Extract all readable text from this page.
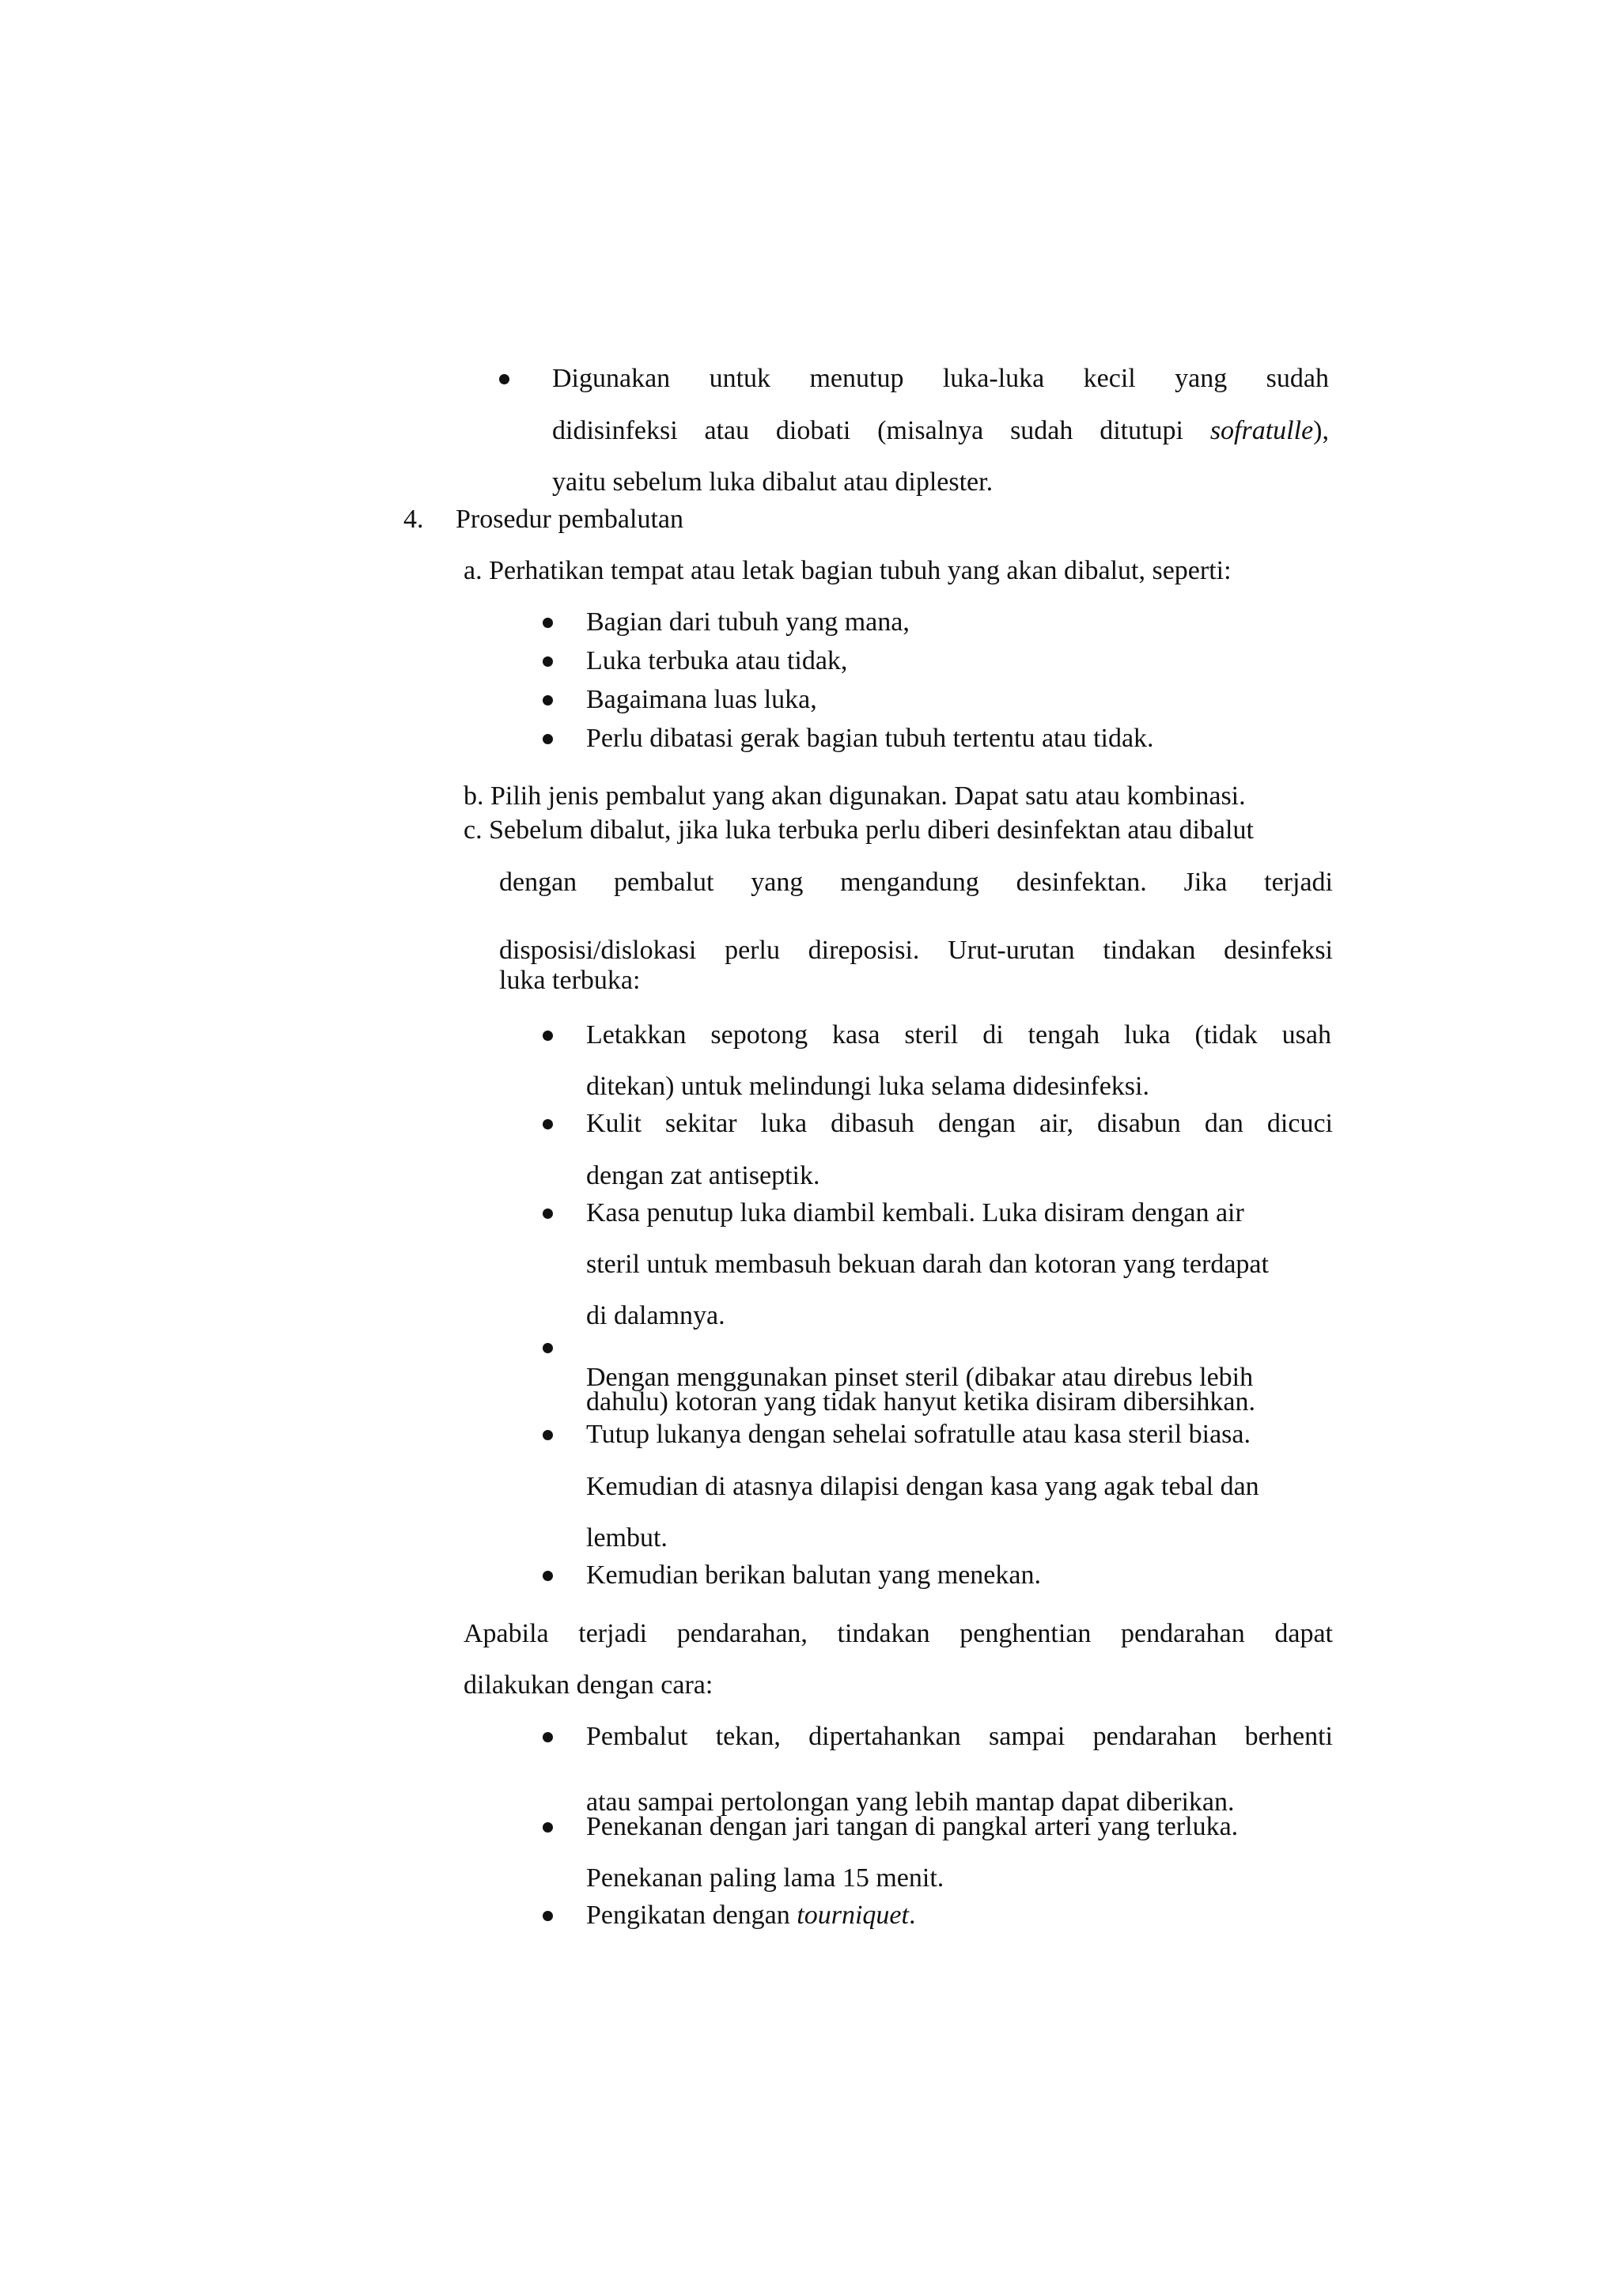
Digunakan untuk menutup luka-luka kecil yang sudah
didisinfeksi atau diobati (misalnya sudah ditutupi sofratulle),
yaitu sebelum luka dibalut atau diplester.
4. Prosedur pembalutan
a. Perhatikan tempat atau letak bagian tubuh yang akan dibalut, seperti:
Bagian dari tubuh yang mana,
Luka terbuka atau tidak,
Bagaimana luas luka,
Perlu dibatasi gerak bagian tubuh tertentu atau tidak.
b. Pilih jenis pembalut yang akan digunakan. Dapat satu atau kombinasi.
c. Sebelum dibalut, jika luka terbuka perlu diberi desinfektan atau dibalut
dengan pembalut yang mengandung desinfektan. Jika terjadi
disposisi/dislokasi perlu direposisi. Urut-urutan tindakan desinfeksi
luka terbuka:
Letakkan sepotong kasa steril di tengah luka (tidak usah
ditekan) untuk melindungi luka selama didesinfeksi.
Kulit sekitar luka dibasuh dengan air, disabun dan dicuci
dengan zat antiseptik.
Kasa penutup luka diambil kembali. Luka disiram dengan air
steril untuk membasuh bekuan darah dan kotoran yang terdapat
di dalamnya.
Dengan menggunakan pinset steril (dibakar atau direbus lebih
dahulu) kotoran yang tidak hanyut ketika disiram dibersihkan.
Tutup lukanya dengan sehelai sofratulle atau kasa steril biasa.
Kemudian di atasnya dilapisi dengan kasa yang agak tebal dan
lembut.
Kemudian berikan balutan yang menekan.
Apabila terjadi pendarahan, tindakan penghentian pendarahan dapat
dilakukan dengan cara:
Pembalut tekan, dipertahankan sampai pendarahan berhenti
atau sampai pertolongan yang lebih mantap dapat diberikan.
Penekanan dengan jari tangan di pangkal arteri yang terluka.
Penekanan paling lama 15 menit.
Pengikatan dengan tourniquet.
